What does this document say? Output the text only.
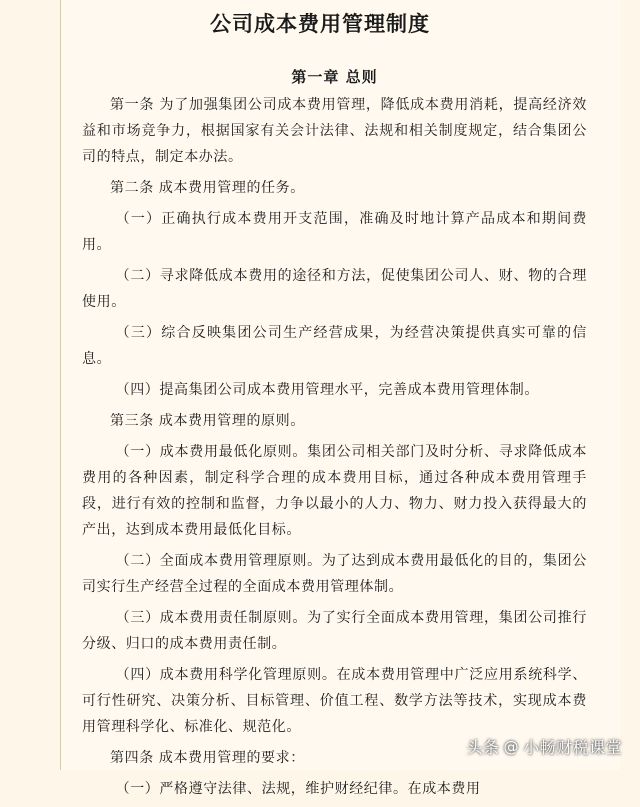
公司成本费用管理制度
第一章 总则

第一条 为了加强集团公司成本费用管理，降低成本费用消耗，提高经济效益和市场竞争力，根据国家有关会计法律、法规和相关制度规定，结合集团公司的特点，制定本办法。

第二条 成本费用管理的任务。

（一）正确执行成本费用开支范围，准确及时地计算产品成本和期间费用。

（二）寻求降低成本费用的途径和方法，促使集团公司人、财、物的合理使用。

（三）综合反映集团公司生产经营成果，为经营决策提供真实可靠的信息。

（四）提高集团公司成本费用管理水平，完善成本费用管理体制。

第三条 成本费用管理的原则。

（一）成本费用最低化原则。集团公司相关部门及时分析、寻求降低成本费用的各种因素，制定科学合理的成本费用目标，通过各种成本费用管理手段，进行有效的控制和监督，力争以最小的人力、物力、财力投入获得最大的产出，达到成本费用最低化目标。

（二）全面成本费用管理原则。为了达到成本费用最低化的目的，集团公司实行生产经营全过程的全面成本费用管理体制。

（三）成本费用责任制原则。为了实行全面成本费用管理，集团公司推行分级、归口的成本费用责任制。

（四）成本费用科学化管理原则。在成本费用管理中广泛应用系统科学、可行性研究、决策分析、目标管理、价值工程、数学方法等技术，实现成本费用管理科学化、标准化、规范化。

第四条 成本费用管理的要求：

（一）严格遵守法律、法规，维护财经纪律。在成本费用

头条 @ 小畅财税课堂
